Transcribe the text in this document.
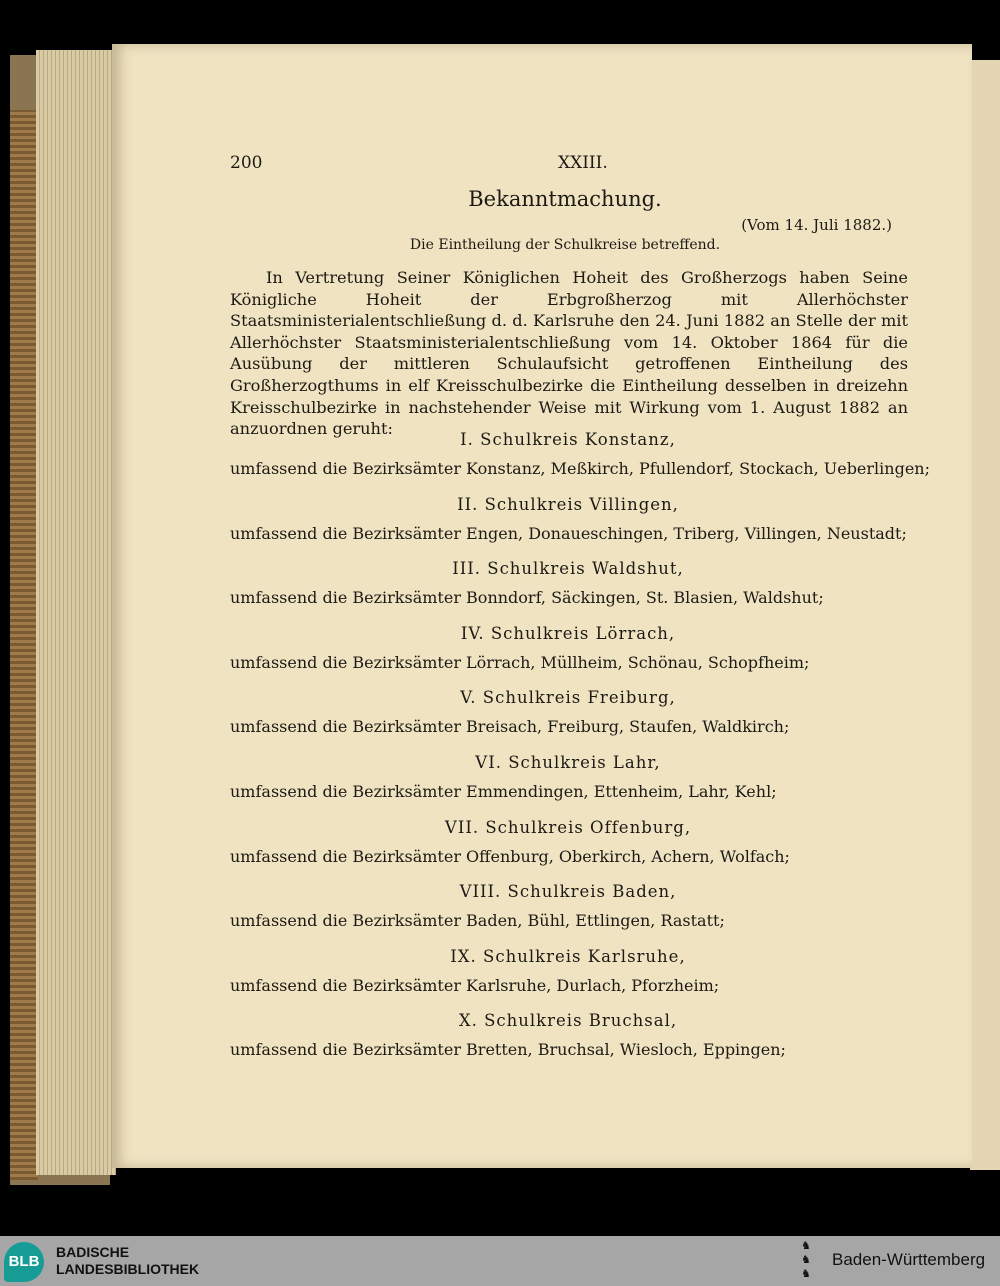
200	XXIII.
Bekanntmachung.
(Vom 14. Juli 1882.)
Die Eintheilung der Schulkreise betreffend.
In Vertretung Seiner Königlichen Hoheit des Großherzogs haben Seine Königliche Hoheit der Erbgroßherzog mit Allerhöchster Staatsministerialentschließung d. d. Karlsruhe den 24. Juni 1882 an Stelle der mit Allerhöchster Staatsministerialentschließung vom 14. Oktober 1864 für die Ausübung der mittleren Schulaufsicht getroffenen Eintheilung des Großherzogthums in elf Kreisschulbezirke die Eintheilung desselben in dreizehn Kreisschulbezirke in nachstehender Weise mit Wirkung vom 1. August 1882 an anzuordnen geruht:
I. Schulkreis Konstanz,
umfassend die Bezirksämter Konstanz, Meßkirch, Pfullendorf, Stockach, Ueberlingen;
II. Schulkreis Villingen,
umfassend die Bezirksämter Engen, Donaueschingen, Triberg, Villingen, Neustadt;
III. Schulkreis Waldshut,
umfassend die Bezirksämter Bonndorf, Säckingen, St. Blasien, Waldshut;
IV. Schulkreis Lörrach,
umfassend die Bezirksämter Lörrach, Müllheim, Schönau, Schopfheim;
V. Schulkreis Freiburg,
umfassend die Bezirksämter Breisach, Freiburg, Staufen, Waldkirch;
VI. Schulkreis Lahr,
umfassend die Bezirksämter Emmendingen, Ettenheim, Lahr, Kehl;
VII. Schulkreis Offenburg,
umfassend die Bezirksämter Offenburg, Oberkirch, Achern, Wolfach;
VIII. Schulkreis Baden,
umfassend die Bezirksämter Baden, Bühl, Ettlingen, Rastatt;
IX. Schulkreis Karlsruhe,
umfassend die Bezirksämter Karlsruhe, Durlach, Pforzheim;
X. Schulkreis Bruchsal,
umfassend die Bezirksämter Bretten, Bruchsal, Wiesloch, Eppingen;
BLB
BADISCHE
LANDESBIBLIOTHEK
♞
♞
♞
Baden-Württemberg
